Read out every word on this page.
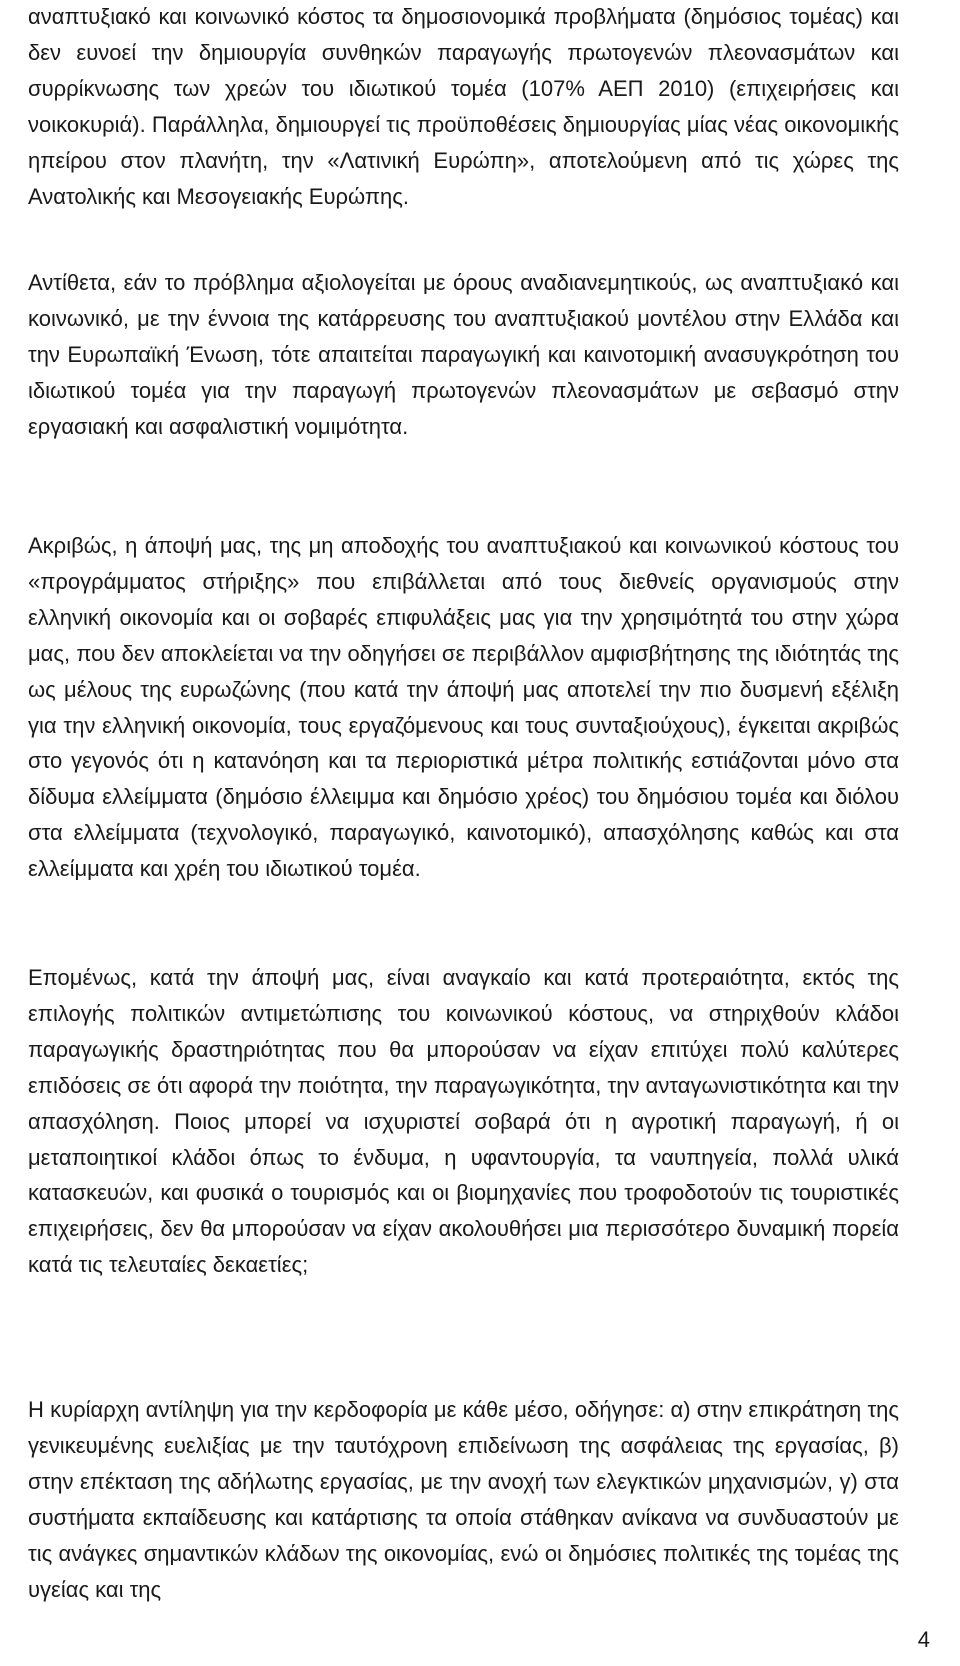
αναπτυξιακό και κοινωνικό κόστος τα δημοσιονομικά προβλήματα (δημόσιος τομέας) και δεν ευνοεί την δημιουργία συνθηκών παραγωγής πρωτογενών πλεονασμάτων και συρρίκνωσης των χρεών του ιδιωτικού τομέα (107% ΑΕΠ 2010) (επιχειρήσεις και νοικοκυριά). Παράλληλα, δημιουργεί τις προϋποθέσεις δημιουργίας μίας νέας οικονομικής ηπείρου στον πλανήτη, την «Λατινική Ευρώπη», αποτελούμενη από τις χώρες της Ανατολικής και Μεσογειακής Ευρώπης.

Αντίθετα, εάν το πρόβλημα αξιολογείται με όρους αναδιανεμητικούς, ως αναπτυξιακό και κοινωνικό, με την έννοια της κατάρρευσης του αναπτυξιακού μοντέλου στην Ελλάδα και την Ευρωπαϊκή Ένωση, τότε απαιτείται παραγωγική και καινοτομική ανασυγκρότηση του ιδιωτικού τομέα για την παραγωγή πρωτογενών πλεονασμάτων με σεβασμό στην εργασιακή και ασφαλιστική νομιμότητα.

Ακριβώς, η άποψή μας, της μη αποδοχής του αναπτυξιακού και κοινωνικού κόστους του «προγράμματος στήριξης» που επιβάλλεται από τους διεθνείς οργανισμούς στην ελληνική οικονομία και οι σοβαρές επιφυλάξεις μας για την χρησιμότητά του στην χώρα μας, που δεν αποκλείεται να την οδηγήσει σε περιβάλλον αμφισβήτησης της ιδιότητάς της ως μέλους της ευρωζώνης (που κατά την άποψή μας αποτελεί την πιο δυσμενή εξέλιξη για την ελληνική οικονομία, τους εργαζόμενους και τους συνταξιούχους), έγκειται ακριβώς στο γεγονός ότι η κατανόηση και τα περιοριστικά μέτρα πολιτικής εστιάζονται μόνο στα δίδυμα ελλείμματα (δημόσιο έλλειμμα και δημόσιο χρέος) του δημόσιου τομέα και διόλου στα ελλείμματα (τεχνολογικό, παραγωγικό, καινοτομικό), απασχόλησης καθώς και στα ελλείμματα και χρέη του ιδιωτικού τομέα.

Επομένως, κατά την άποψή μας, είναι αναγκαίο και κατά προτεραιότητα, εκτός της επιλογής πολιτικών αντιμετώπισης του κοινωνικού κόστους, να στηριχθούν κλάδοι παραγωγικής δραστηριότητας που θα μπορούσαν να είχαν επιτύχει πολύ καλύτερες επιδόσεις σε ότι αφορά την ποιότητα, την παραγωγικότητα, την ανταγωνιστικότητα και την απασχόληση. Ποιος μπορεί να ισχυριστεί σοβαρά ότι η αγροτική παραγωγή, ή οι μεταποιητικοί κλάδοι όπως το ένδυμα, η υφαντουργία, τα ναυπηγεία, πολλά υλικά κατασκευών, και φυσικά ο τουρισμός και οι βιομηχανίες που τροφοδοτούν τις τουριστικές επιχειρήσεις, δεν θα μπορούσαν να είχαν ακολουθήσει μια περισσότερο δυναμική πορεία κατά τις τελευταίες δεκαετίες;

Η κυρίαρχη αντίληψη για την κερδοφορία με κάθε μέσο, οδήγησε: α) στην επικράτηση της γενικευμένης ευελιξίας με την ταυτόχρονη επιδείνωση της ασφάλειας της εργασίας, β) στην επέκταση της αδήλωτης εργασίας, με την ανοχή των ελεγκτικών μηχανισμών, γ) στα συστήματα εκπαίδευσης και κατάρτισης τα οποία στάθηκαν ανίκανα να συνδυαστούν με τις ανάγκες σημαντικών κλάδων της οικονομίας, ενώ οι δημόσιες πολιτικές της τομέας της υγείας και της

4
